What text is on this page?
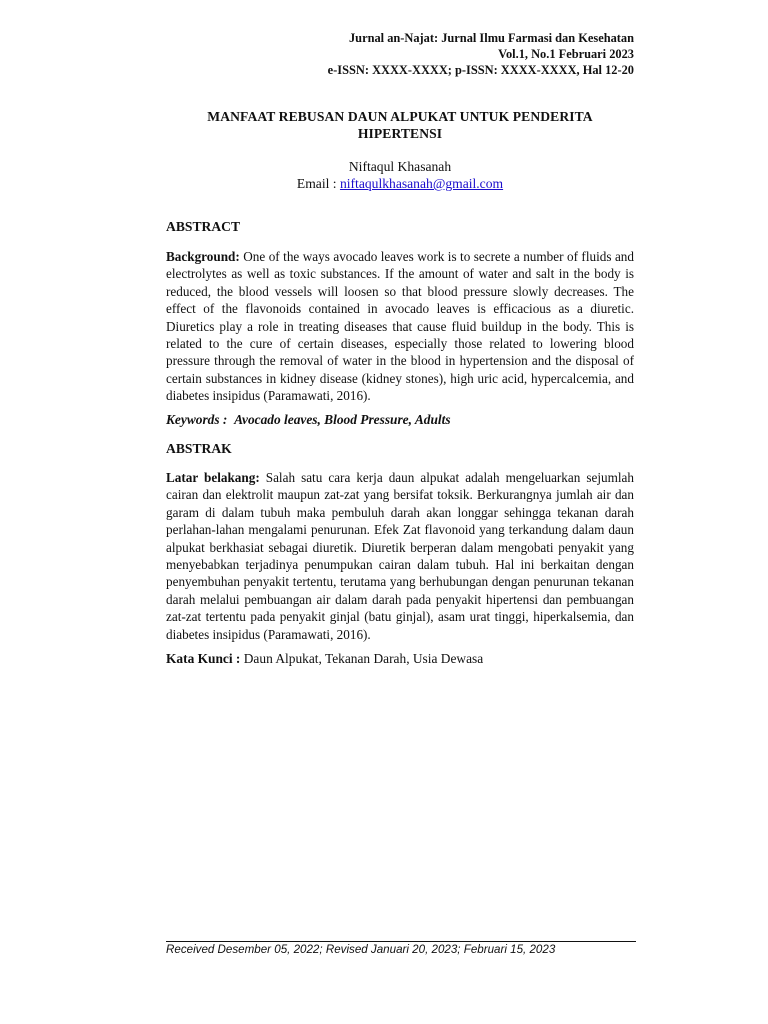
Jurnal an-Najat: Jurnal Ilmu Farmasi dan Kesehatan
Vol.1, No.1 Februari 2023
e-ISSN: XXXX-XXXX; p-ISSN: XXXX-XXXX, Hal 12-20
MANFAAT REBUSAN DAUN ALPUKAT UNTUK PENDERITA HIPERTENSI
Niftaqul Khasanah
Email : niftaqulkhasanah@gmail.com
ABSTRACT
Background: One of the ways avocado leaves work is to secrete a number of fluids and electrolytes as well as toxic substances. If the amount of water and salt in the body is reduced, the blood vessels will loosen so that blood pressure slowly decreases. The effect of the flavonoids contained in avocado leaves is efficacious as a diuretic. Diuretics play a role in treating diseases that cause fluid buildup in the body. This is related to the cure of certain diseases, especially those related to lowering blood pressure through the removal of water in the blood in hypertension and the disposal of certain substances in kidney disease (kidney stones), high uric acid, hypercalcemia, and diabetes insipidus (Paramawati, 2016).
Keywords : Avocado leaves, Blood Pressure, Adults
ABSTRAK
Latar belakang: Salah satu cara kerja daun alpukat adalah mengeluarkan sejumlah cairan dan elektrolit maupun zat-zat yang bersifat toksik. Berkurangnya jumlah air dan garam di dalam tubuh maka pembuluh darah akan longgar sehingga tekanan darah perlahan-lahan mengalami penurunan. Efek Zat flavonoid yang terkandung dalam daun alpukat berkhasiat sebagai diuretik. Diuretik berperan dalam mengobati penyakit yang menyebabkan terjadinya penumpukan cairan dalam tubuh. Hal ini berkaitan dengan penyembuhan penyakit tertentu, terutama yang berhubungan dengan penurunan tekanan darah melalui pembuangan air dalam darah pada penyakit hipertensi dan pembuangan zat-zat tertentu pada penyakit ginjal (batu ginjal), asam urat tinggi, hiperkalsemia, dan diabetes insipidus (Paramawati, 2016).
Kata Kunci : Daun Alpukat, Tekanan Darah, Usia Dewasa
Received Desember 05, 2022; Revised Januari 20, 2023; Februari 15, 2023
